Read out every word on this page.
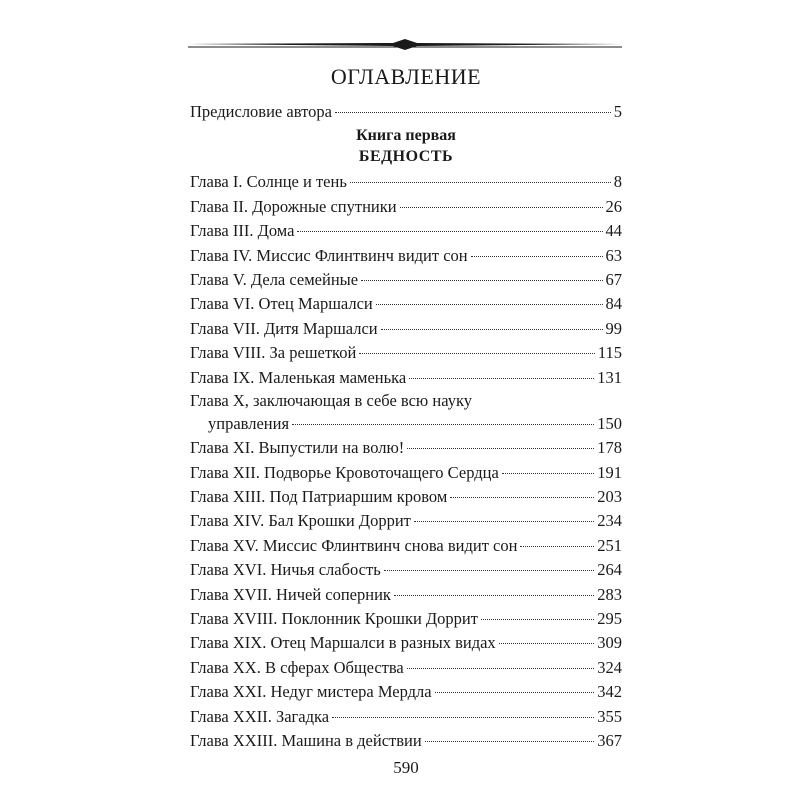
ОГЛАВЛЕНИЕ
Предисловие автора	5
Книга первая
БЕДНОСТЬ
Глава I. Солнце и тень	8
Глава II. Дорожные спутники	26
Глава III. Дома	44
Глава IV. Миссис Флинтвинч видит сон	63
Глава V. Дела семейные	67
Глава VI. Отец Маршалси	84
Глава VII. Дитя Маршалси	99
Глава VIII. За решеткой	115
Глава IX. Маленькая маменька	131
Глава X, заключающая в себе всю науку
управления	150
Глава XI. Выпустили на волю!	178
Глава XII. Подворье Кровоточащего Сердца	191
Глава XIII. Под Патриаршим кровом	203
Глава XIV. Бал Крошки Доррит	234
Глава XV. Миссис Флинтвинч снова видит сон	251
Глава XVI. Ничья слабость	264
Глава XVII. Ничей соперник	283
Глава XVIII. Поклонник Крошки Доррит	295
Глава XIX. Отец Маршалси в разных видах	309
Глава XX. В сферах Общества	324
Глава XXI. Недуг мистера Мердла	342
Глава XXII. Загадка	355
Глава XXIII. Машина в действии	367
590
